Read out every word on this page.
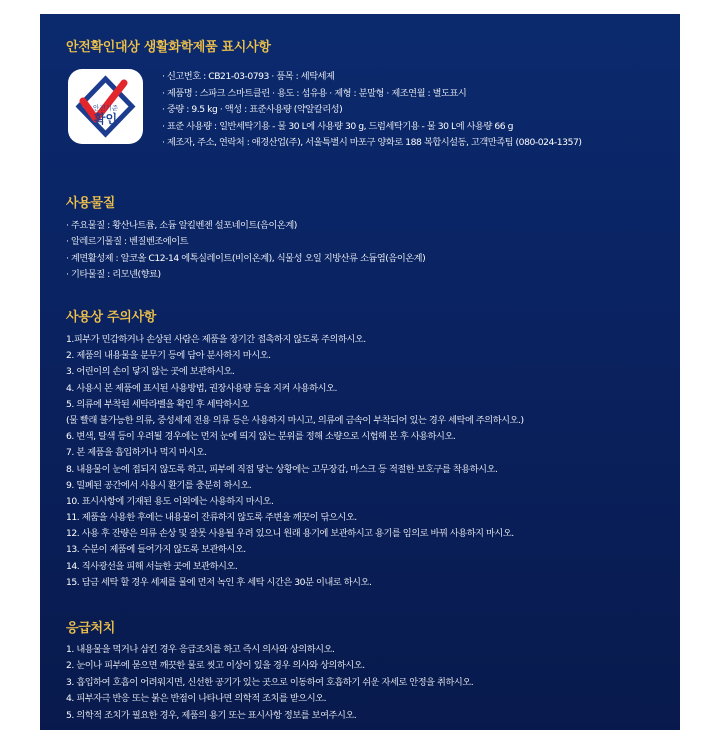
안전확인대상 생활화학제품 표시사항
안전기준
확인
· 신고번호 : CB21-03-0793 · 품목 : 세탁세제
· 제품명 : 스파크 스마트클린 · 용도 : 섬유용 · 제형 : 분말형 · 제조연월 : 별도표시
· 중량 : 9.5 kg · 액성 : 표준사용량 (약알칼리성)
· 표준 사용량 : 일반세탁기용 - 물 30 L에 사용량 30 g, 드럼세탁기용 - 물 30 L에 사용량 66 g
· 제조자, 주소, 연락처 : 애경산업(주), 서울특별시 마포구 양화로 188 복합시설동, 고객만족팀 (080-024-1357)
사용물질
· 주요물질 : 황산나트륨, 소듐 알킬벤젠 설포네이트(음이온계)
· 알레르기물질 : 벤질벤조에이트
· 계면활성제 : 알코올 C12-14 에톡실레이트(비이온계), 식물성 오일 지방산류 소듐염(음이온계)
· 기타물질 : 리모넨(향료)
사용상 주의사항
1.피부가 민감하거나 손상된 사람은 제품을 장기간 접촉하지 않도록 주의하시오.
2. 제품의 내용물을 분무기 등에 담아 분사하지 마시오.
3. 어린이의 손이 닿지 않는 곳에 보관하시오.
4. 사용시 본 제품에 표시된 사용방법, 권장사용량 등을 지켜 사용하시오.
5. 의류에 부착된 세탁라벨을 확인 후 세탁하시오
(물 빨래 불가능한 의류, 중성세제 전용 의류 등은 사용하지 마시고, 의류에 금속이 부착되어 있는 경우 세탁에 주의하시오.)
6. 변색, 탈색 등이 우려될 경우에는 먼저 눈에 띄지 않는 분위를 정해 소량으로 시험해 본 후 사용하시오.
7. 본 제품을 흡입하거나 먹지 마시오.
8. 내용물이 눈에 접되지 않도록 하고, 피부에 직접 닿는 상황에는 고무장갑, 마스크 등 적절한 보호구를 착용하시오.
9. 밀폐된 공간에서 사용시 환기를 충분히 하시오.
10. 표시사항에 기재된 용도 이외에는 사용하지 마시오.
11. 제품을 사용한 후에는 내용물이 잔류하지 않도록 주변을 깨끗이 닦으시오.
12. 사용 후 잔량은 의류 손상 및 잘못 사용될 우려 있으니 원래 용기에 보관하시고 용기를 임의로 바꿔 사용하지 마시오.
13. 수분이 제품에 들어가지 않도록 보관하시오.
14. 직사광선을 피해 서늘한 곳에 보관하시오.
15. 담금 세탁 할 경우 세제를 물에 먼저 녹인 후 세탁 시간은 30분 이내로 하시오.
응급처치
1. 내용물을 먹거나 삼킨 경우 응급조치를 하고 즉시 의사와 상의하시오.
2. 눈이나 피부에 묻으면 깨끗한 물로 씻고 이상이 있을 경우 의사와 상의하시오.
3. 흡입하여 호흡이 어려워지면, 신선한 공기가 있는 곳으로 이동하여 호흡하기 쉬운 자세로 안정을 취하시오.
4. 피부자극 반응 또는 붉은 반점이 나타나면 의학적 조치를 받으시오.
5. 의학적 조치가 필요한 경우, 제품의 용기 또는 표시사항 정보를 보여주시오.
